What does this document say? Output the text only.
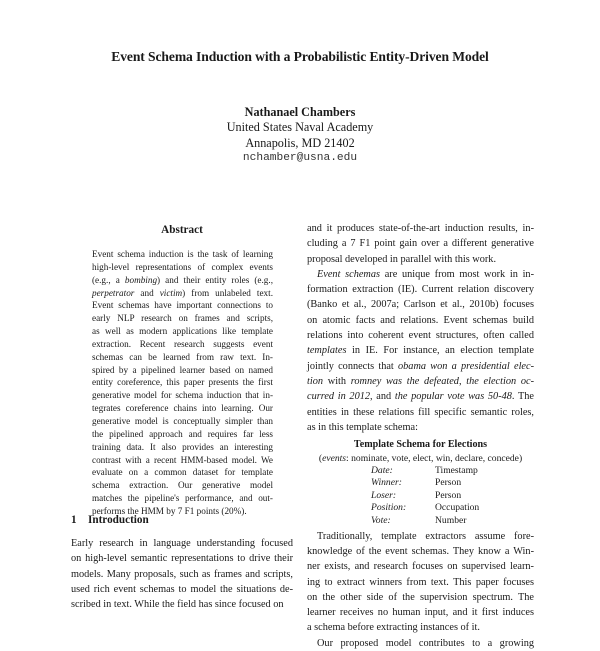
Event Schema Induction with a Probabilistic Entity-Driven Model
Nathanael Chambers
United States Naval Academy
Annapolis, MD 21402
nchamber@usna.edu
Abstract
Event schema induction is the task of learning
high-level representations of complex events
(e.g., a bombing) and their entity roles (e.g.,
perpetrator and victim) from unlabeled text.
Event schemas have important connections to
early NLP research on frames and scripts,
as well as modern applications like template
extraction. Recent research suggests event
schemas can be learned from raw text. In-
spired by a pipelined learner based on named
entity coreference, this paper presents the first
generative model for schema induction that in-
tegrates coreference chains into learning. Our
generative model is conceptually simpler than
the pipelined approach and requires far less
training data. It also provides an interesting
contrast with a recent HMM-based model. We
evaluate on a common dataset for template
schema extraction. Our generative model
matches the pipeline's performance, and out-
performs the HMM by 7 F1 points (20%).
1 Introduction
Early research in language understanding focused
on high-level semantic representations to drive their
models. Many proposals, such as frames and scripts,
used rich event schemas to model the situations de-
scribed in text. While the field has since focused on
and it produces state-of-the-art induction results, in-
cluding a 7 F1 point gain over a different generative
proposal developed in parallel with this work.
Event schemas are unique from most work in in-
formation extraction (IE). Current relation discovery
(Banko et al., 2007a; Carlson et al., 2010b) focuses
on atomic facts and relations. Event schemas build
relations into coherent event structures, often called
templates in IE. For instance, an election template
jointly connects that obama won a presidential elec-
tion with romney was the defeated, the election oc-
curred in 2012, and the popular vote was 50-48. The
entities in these relations fill specific semantic roles,
as in this template schema:
Template Schema for Elections
(events: nominate, vote, elect, win, declare, concede)
Date:	Timestamp
Winner:	Person
Loser:	Person
Position:	Occupation
Vote:	Number
Traditionally, template extractors assume fore-
knowledge of the event schemas. They know a Win-
ner exists, and research focuses on supervised learn-
ing to extract winners from text. This paper focuses
on the other side of the supervision spectrum. The
learner receives no human input, and it first induces
a schema before extracting instances of it.
Our proposed model contributes to a growing
